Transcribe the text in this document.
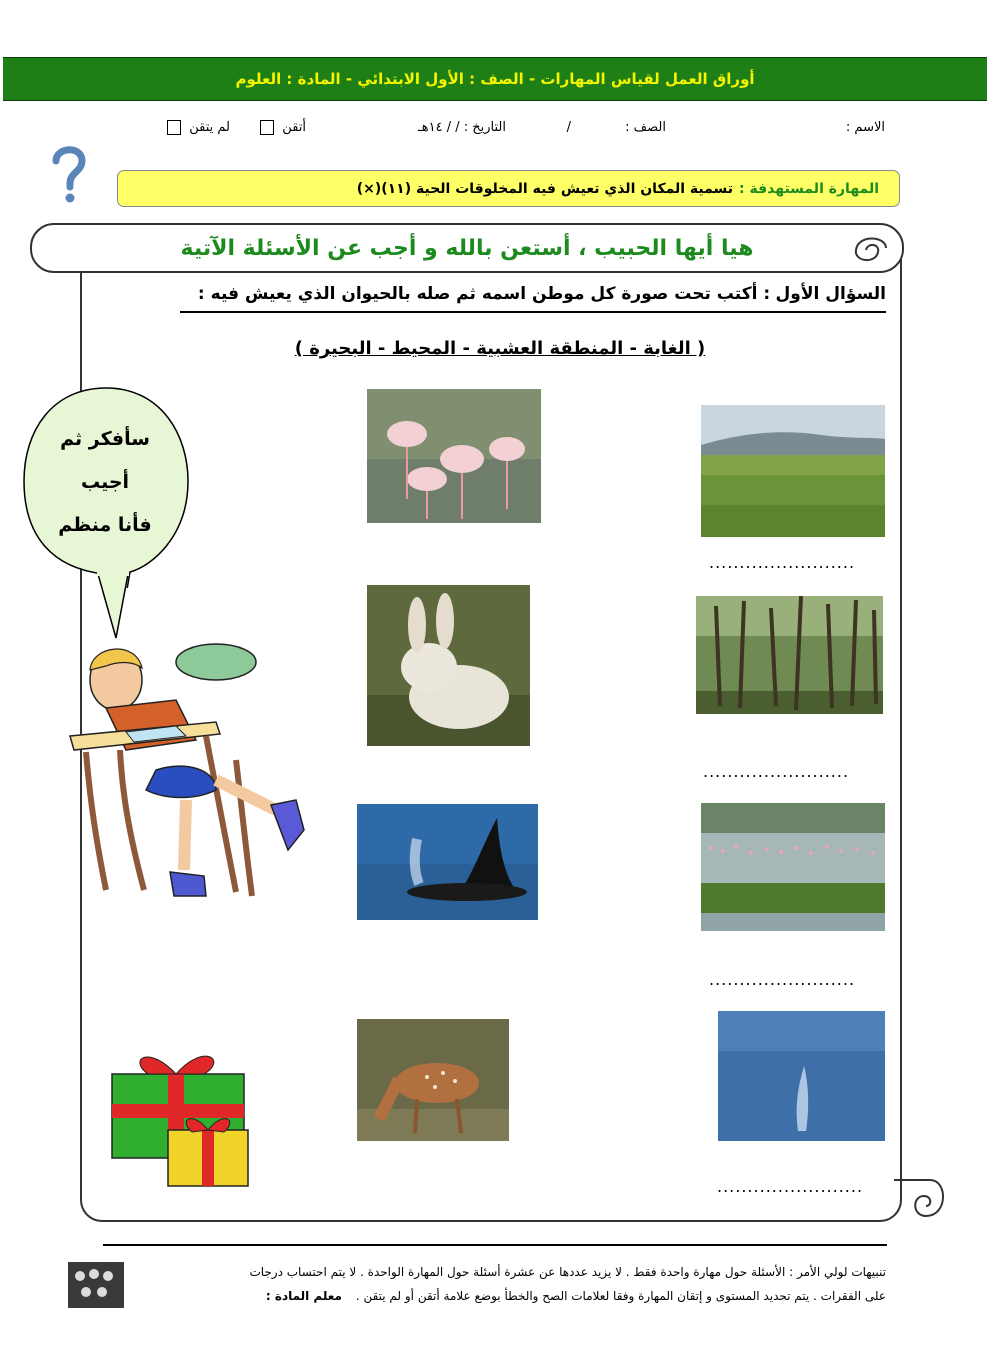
أوراق العمل لقياس المهارات - الصف : الأول الابتدائي - المادة : العلوم
الاسم :
الصف : /
التاريخ : / / ١٤هـ
أتقن  لم يتقن
المهارة المستهدفة :
تسمية المكان الذي تعيش فيه المخلوقات الحية (١١)(×)
هيا أيها الحبيب ، أستعن بالله و أجب عن الأسئلة الآتية
السؤال الأول : أكتب تحت صورة كل موطن اسمه ثم صله بالحيوان الذي يعيش فيه :
( الغابة - المنطقة العشبية - المحيط - البحيرة )
........................
........................
........................
........................
سأفكر ثم
أجيب
فأنا منظم
تنبيهات لولي الأمر : الأسئلة حول مهارة واحدة فقط . لا يزيد عددها عن عشرة أسئلة حول المهارة الواحدة . لا يتم احتساب درجات
على الفقرات . يتم تحديد المستوى و إتقان المهارة وفقا لعلامات الصح والخطأ بوضع علامة أتقن أو لم يتقن . معلم المادة :
